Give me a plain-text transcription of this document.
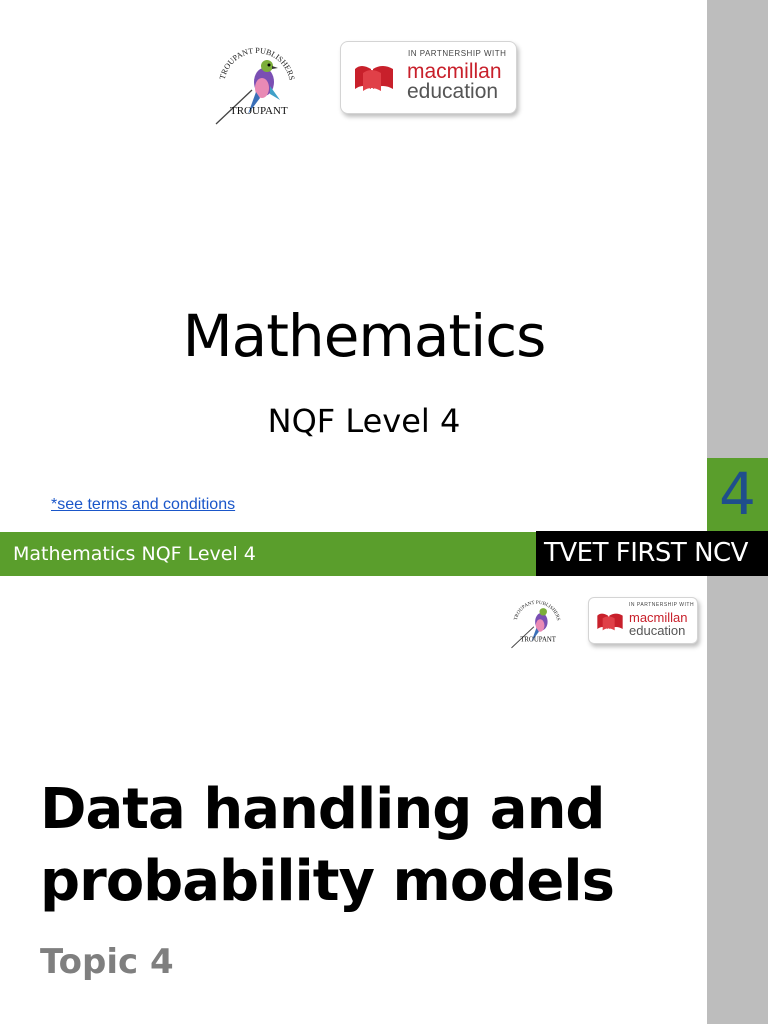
TROUPANT PUBLISHERS
TROUPANT
IN PARTNERSHIP WITH
macmillan
education
Mathematics
NQF Level 4
*see terms and conditions	4
Mathematics NQF Level 4	TVET FIRST NCV
TROUPANT PUBLISHERS
TROUPANT
IN PARTNERSHIP WITH
macmillan
education
Data handling and
probability models
Topic 4
